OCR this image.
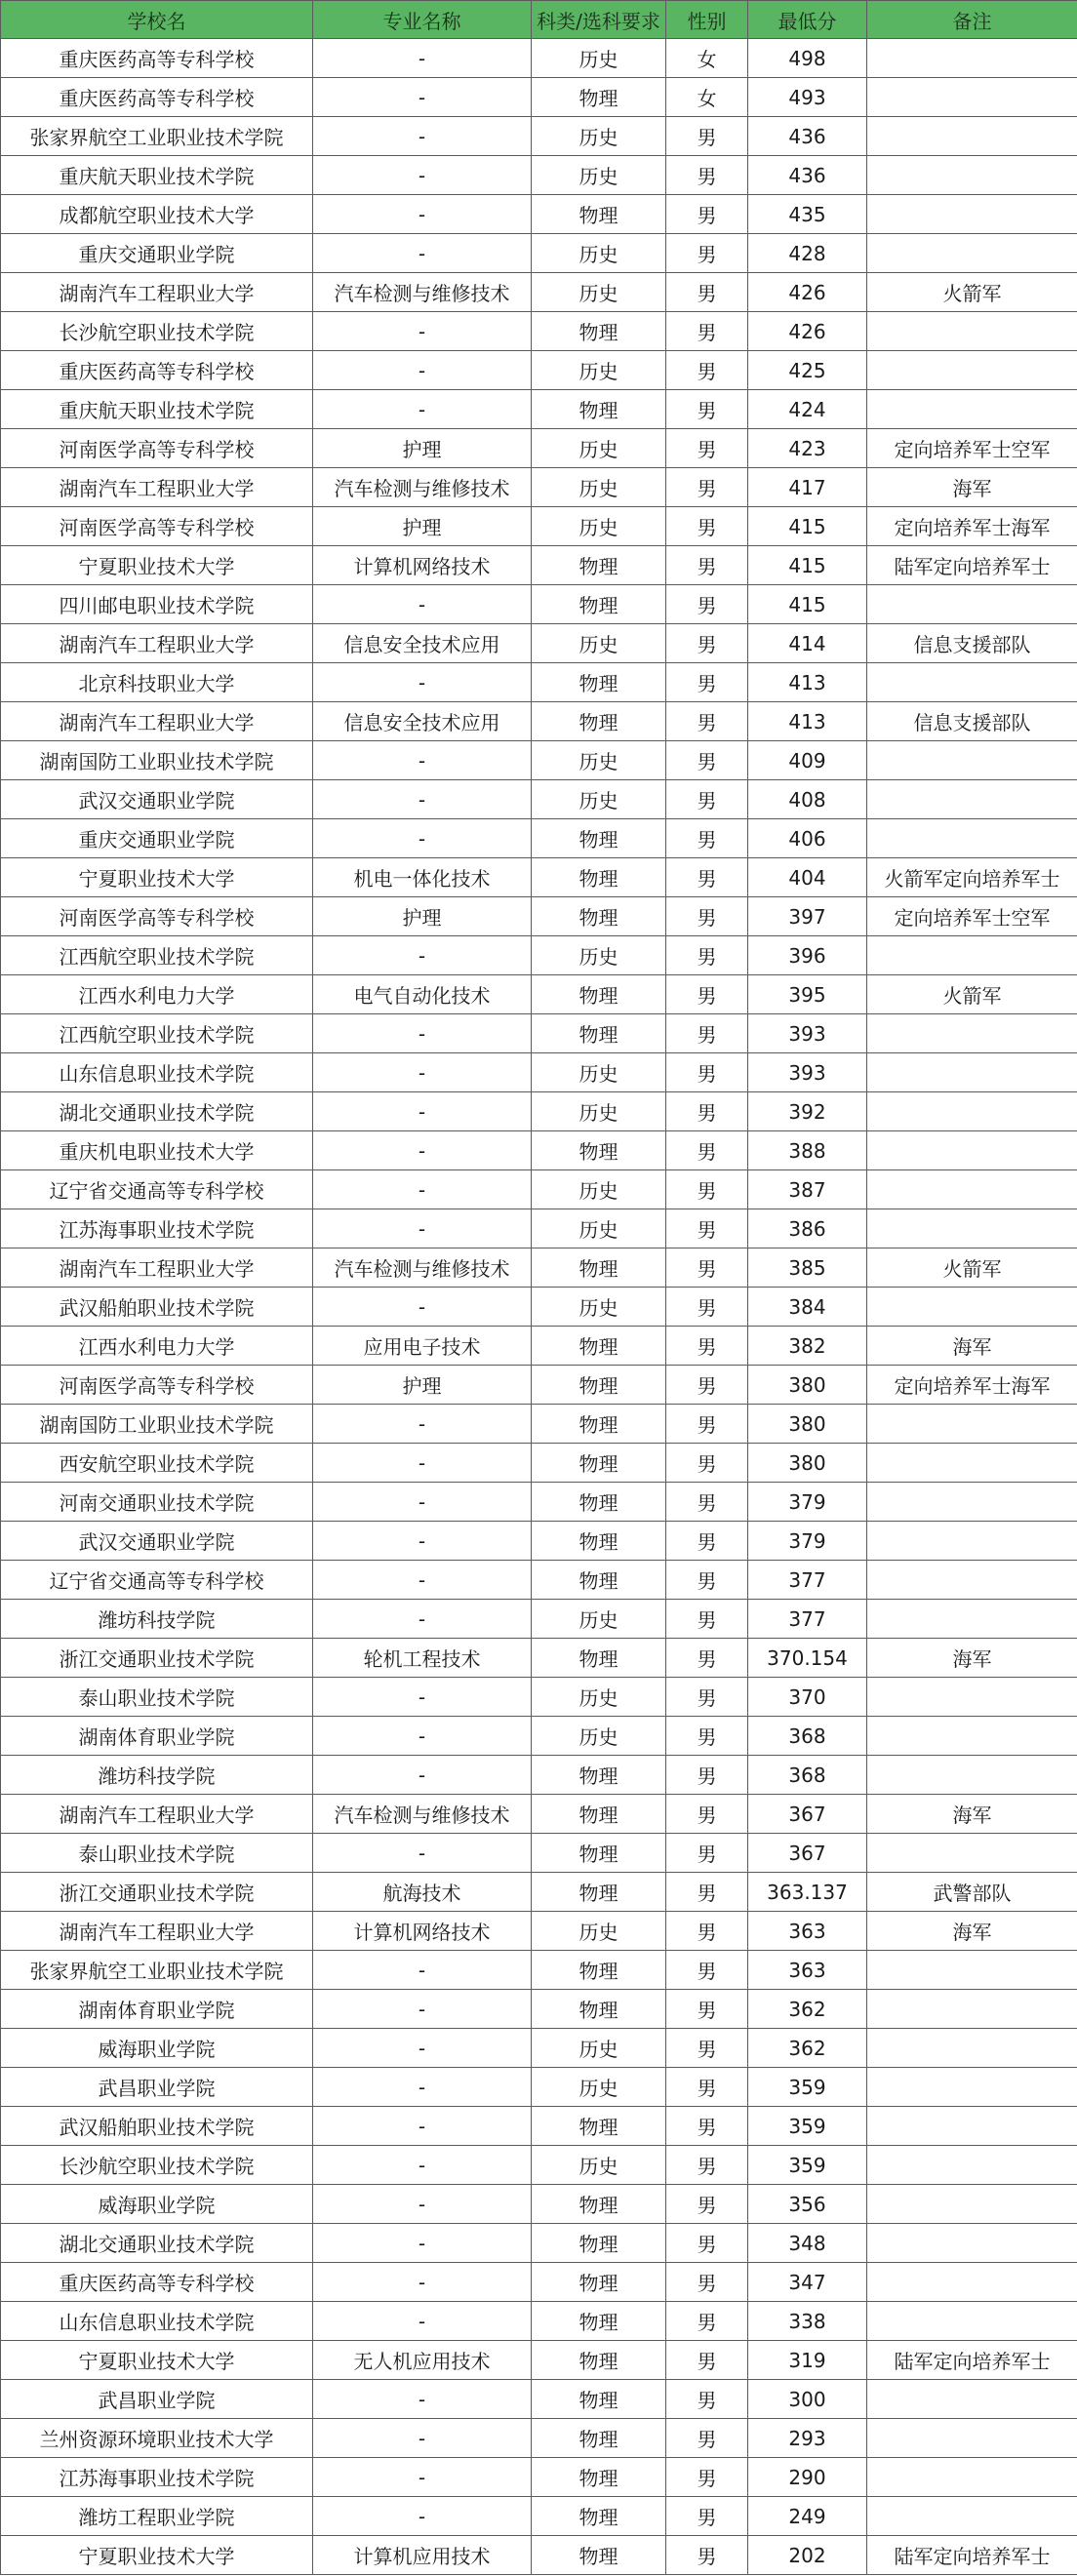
学校名	专业名称	科类/选科要求	性别	最低分	备注
重庆医药高等专科学校	-	历史	女	498	
重庆医药高等专科学校	-	物理	女	493	
张家界航空工业职业技术学院	-	历史	男	436	
重庆航天职业技术学院	-	历史	男	436	
成都航空职业技术大学	-	物理	男	435	
重庆交通职业学院	-	历史	男	428	
湖南汽车工程职业大学	汽车检测与维修技术	历史	男	426	火箭军
长沙航空职业技术学院	-	物理	男	426	
重庆医药高等专科学校	-	历史	男	425	
重庆航天职业技术学院	-	物理	男	424	
河南医学高等专科学校	护理	历史	男	423	定向培养军士空军
湖南汽车工程职业大学	汽车检测与维修技术	历史	男	417	海军
河南医学高等专科学校	护理	历史	男	415	定向培养军士海军
宁夏职业技术大学	计算机网络技术	物理	男	415	陆军定向培养军士
四川邮电职业技术学院	-	物理	男	415	
湖南汽车工程职业大学	信息安全技术应用	历史	男	414	信息支援部队
北京科技职业大学	-	物理	男	413	
湖南汽车工程职业大学	信息安全技术应用	物理	男	413	信息支援部队
湖南国防工业职业技术学院	-	历史	男	409	
武汉交通职业学院	-	历史	男	408	
重庆交通职业学院	-	物理	男	406	
宁夏职业技术大学	机电一体化技术	物理	男	404	火箭军定向培养军士
河南医学高等专科学校	护理	物理	男	397	定向培养军士空军
江西航空职业技术学院	-	历史	男	396	
江西水利电力大学	电气自动化技术	物理	男	395	火箭军
江西航空职业技术学院	-	物理	男	393	
山东信息职业技术学院	-	历史	男	393	
湖北交通职业技术学院	-	历史	男	392	
重庆机电职业技术大学	-	物理	男	388	
辽宁省交通高等专科学校	-	历史	男	387	
江苏海事职业技术学院	-	历史	男	386	
湖南汽车工程职业大学	汽车检测与维修技术	物理	男	385	火箭军
武汉船舶职业技术学院	-	历史	男	384	
江西水利电力大学	应用电子技术	物理	男	382	海军
河南医学高等专科学校	护理	物理	男	380	定向培养军士海军
湖南国防工业职业技术学院	-	物理	男	380	
西安航空职业技术学院	-	物理	男	380	
河南交通职业技术学院	-	物理	男	379	
武汉交通职业学院	-	物理	男	379	
辽宁省交通高等专科学校	-	物理	男	377	
潍坊科技学院	-	历史	男	377	
浙江交通职业技术学院	轮机工程技术	物理	男	370.154	海军
泰山职业技术学院	-	历史	男	370	
湖南体育职业学院	-	历史	男	368	
潍坊科技学院	-	物理	男	368	
湖南汽车工程职业大学	汽车检测与维修技术	物理	男	367	海军
泰山职业技术学院	-	物理	男	367	
浙江交通职业技术学院	航海技术	物理	男	363.137	武警部队
湖南汽车工程职业大学	计算机网络技术	历史	男	363	海军
张家界航空工业职业技术学院	-	物理	男	363	
湖南体育职业学院	-	物理	男	362	
威海职业学院	-	历史	男	362	
武昌职业学院	-	历史	男	359	
武汉船舶职业技术学院	-	物理	男	359	
长沙航空职业技术学院	-	历史	男	359	
威海职业学院	-	物理	男	356	
湖北交通职业技术学院	-	物理	男	348	
重庆医药高等专科学校	-	物理	男	347	
山东信息职业技术学院	-	物理	男	338	
宁夏职业技术大学	无人机应用技术	物理	男	319	陆军定向培养军士
武昌职业学院	-	物理	男	300	
兰州资源环境职业技术大学	-	物理	男	293	
江苏海事职业技术学院	-	物理	男	290	
潍坊工程职业学院	-	物理	男	249	
宁夏职业技术大学	计算机应用技术	物理	男	202	陆军定向培养军士
